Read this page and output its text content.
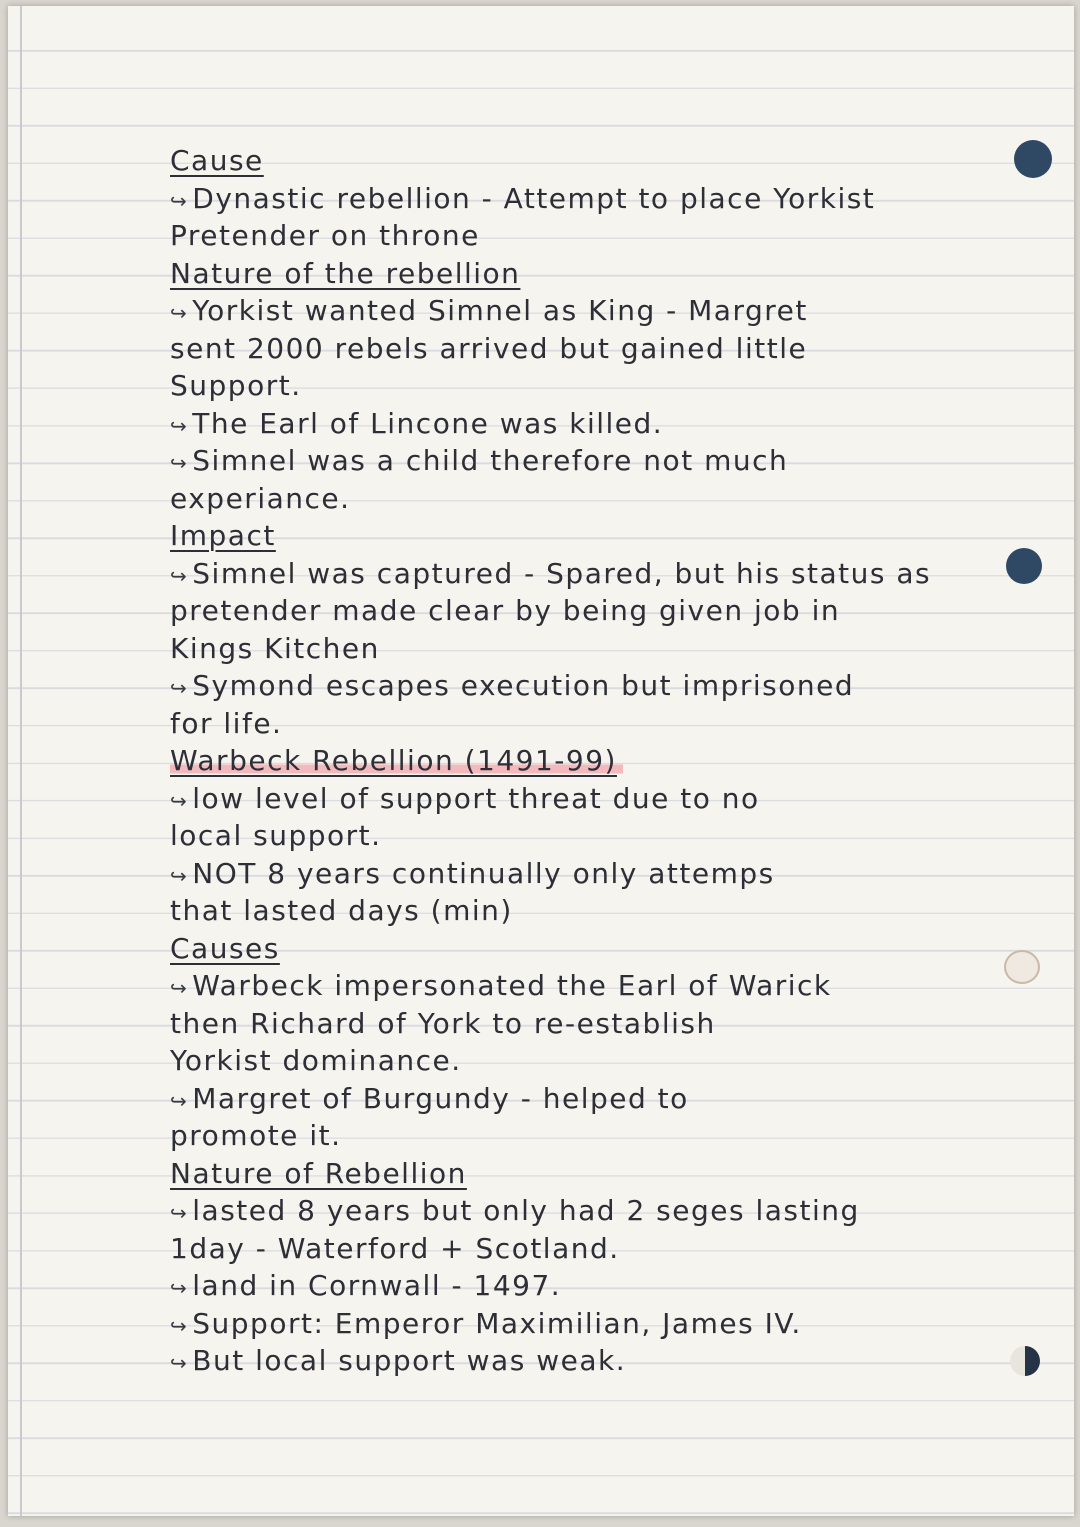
Cause
↪ Dynastic rebellion - Attempt to place Yorkist
Pretender on throne
Nature of the rebellion
↪ Yorkist wanted Simnel as King - Margret
sent 2000 rebels arrived but gained little
Support.
↪ The Earl of Lincone was killed.
↪ Simnel was a child therefore not much
experiance.
Impact
↪ Simnel was captured - Spared, but his status as
pretender made clear by being given job in
Kings Kitchen
↪ Symond escapes execution but imprisoned
for life.
Warbeck Rebellion (1491-99)
↪ low level of support threat due to no
local support.
↪ NOT 8 years continually only attemps
that lasted days (min)
Causes
↪ Warbeck impersonated the Earl of Warick
then Richard of York to re-establish
Yorkist dominance.
↪ Margret of Burgundy - helped to
promote it.
Nature of Rebellion
↪ lasted 8 years but only had 2 seges lasting
1day - Waterford + Scotland.
↪ land in Cornwall - 1497.
↪ Support: Emperor Maximilian, James IV.
↪ But local support was weak.
